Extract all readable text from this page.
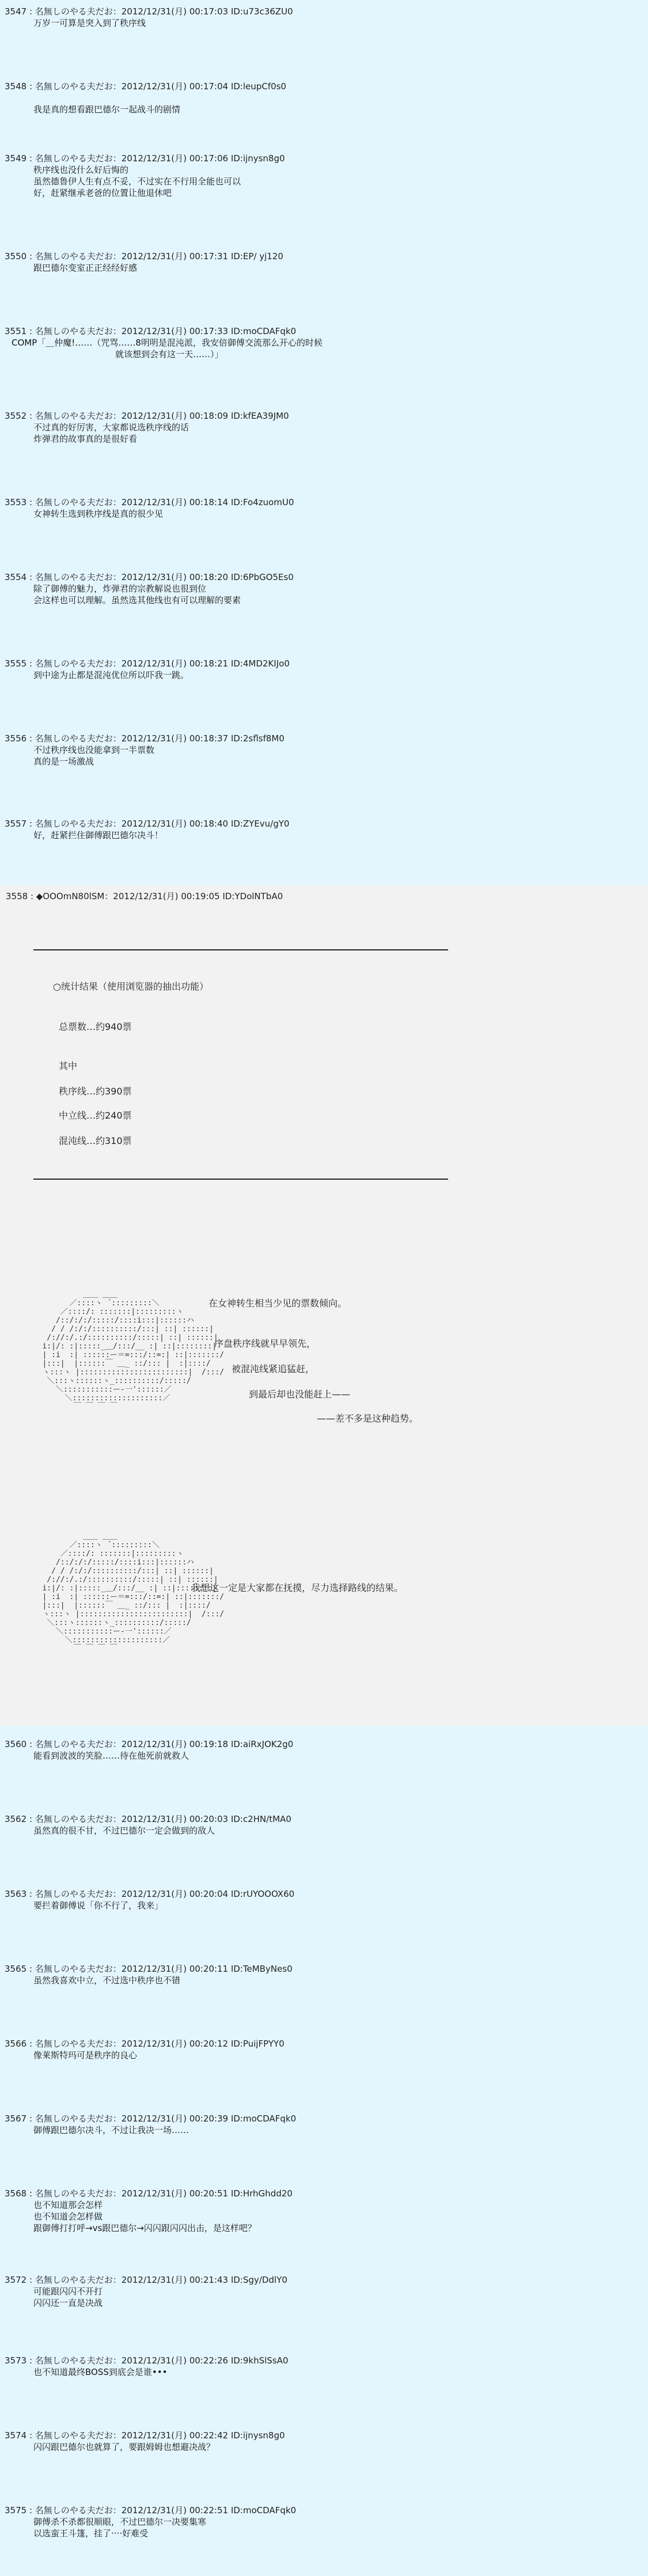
3547 : 名無しのやる夫だお：2012/12/31(月) 00:17:03 ID:u73c36ZU0
万岁一可算是突入到了秩序线
3548 : 名無しのやる夫だお：2012/12/31(月) 00:17:04 ID:leupCf0s0
我是真的想看跟巴德尔一起战斗的剧情
3549 : 名無しのやる夫だお：2012/12/31(月) 00:17:06 ID:ijnysn8g0
秩序线也没什么好后悔的
虽然德鲁伊人生有点不妥，不过实在不行用全能也可以
好，赶紧继承老爸的位置让他退休吧
3550 : 名無しのやる夫だお：2012/12/31(月) 00:17:31 ID:EP/ yj120
跟巴德尔变室正正经经好感
3551 : 名無しのやる夫だお：2012/12/31(月) 00:17:33 ID:moCDAFqk0
COMP「＿仲魔!……（咒骂……8明明是混沌派，我安倍御傅交流那么开心的时候
就该想到会有这一天……）」
3552 : 名無しのやる夫だお：2012/12/31(月) 00:18:09 ID:kfEA39JM0
不过真的好厉害，大家都说选秩序线的话
炸弹君的故事真的是很好看
3553 : 名無しのやる夫だお：2012/12/31(月) 00:18:14 ID:Fo4zuomU0
女神转生选到秩序线是真的很少见
3554 : 名無しのやる夫だお：2012/12/31(月) 00:18:20 ID:6PbGO5Es0
除了御傅的魅力，炸弹君的宗教解说也很到位
会这样也可以理解。虽然选其他线也有可以理解的要素
3555 : 名無しのやる夫だお：2012/12/31(月) 00:18:21 ID:4MD2KIJo0
到中途为止都是混沌优位所以吓我一跳。
3556 : 名無しのやる夫だお：2012/12/31(月) 00:18:37 ID:2sflsf8M0
不过秩序线也没能拿到一半票数
真的是一场激战
3557 : 名無しのやる夫だお：2012/12/31(月) 00:18:40 ID:ZYEvu/gY0
好，赶紧拦住御傅跟巴德尔决斗！
3558 : ◆OOOmN80lSM：2012/12/31(月) 00:19:05 ID:YDolNTbA0
○统计结果（使用浏览器的抽出功能）
总票数…约940票
其中
秩序线…约390票
中立线…约240票
混沌线…约310票
＿＿ ＿＿
／::::ヽ ´:::::::::＼
／::::/: :::::::|:::::::::ヽ
/::/:/:/:::::/::::i:::|::::::ハ
/ / /:/:/::::::::::/:::| ::| ::::::|
/://:/.:/::::::::::/:::::| ::| ::::::|
i:|/: :|:::::_＿/:::/__ :| ::|::::::::|
| :i  :| ::::::ー＝=:::/::=:| ::|:::::::/
|:::|  |::::::￣ ＿_ ::/::: |  :|::::/
ヽ:::ヽ |::::::::::::::::::::::::|  /:::/
＼:::ヽ::::::ヽ_::::::::::/:::::/
＼:::::::::::ー‐一'::::::／
＼::::::::::::::::::::／
￣ ￣ ￣ ￣
在女神转生相当少见的票数倾向。
序盘秩序线就早早领先，
被混沌线紧追猛赶，
到最后却也没能赶上——
——差不多是这种趋势。
＿＿ ＿＿
／::::ヽ ´:::::::::＼
／::::/: :::::::|:::::::::ヽ
/::/:/:/:::::/::::i:::|::::::ハ
/ / /:/:/::::::::::/:::| ::| ::::::|
/://:/.:/::::::::::/:::::| ::| ::::::|
i:|/: :|:::::_＿/:::/__ :| ::|::::::::|
| :i  :| ::::::ー＝=:::/::=:| ::|:::::::/
|:::|  |::::::￣ ＿_ ::/::: |  :|::::/
ヽ:::ヽ |::::::::::::::::::::::::|  /:::/
＼:::ヽ::::::ヽ_::::::::::/:::::/
＼:::::::::::ー‐一'::::::／
＼::::::::::::::::::::／
￣ ￣ ￣ ￣
我想这一定是大家都在抚摸，尽力选择路线的结果。
3560 : 名無しのやる夫だお：2012/12/31(月) 00:19:18 ID:aiRxJOK2g0
能看到波波的笑脸……待在他死前就救人
3562 : 名無しのやる夫だお：2012/12/31(月) 00:20:03 ID:c2HN/tMA0
虽然真的很不甘，不过巴德尔一定会做到的敌人
3563 : 名無しのやる夫だお：2012/12/31(月) 00:20:04 ID:rUYOOOX60
要拦着御傅说「你不行了，我来」
3565 : 名無しのやる夫だお：2012/12/31(月) 00:20:11 ID:TeMByNes0
虽然我喜欢中立，不过选中秩序也不错
3566 : 名無しのやる夫だお：2012/12/31(月) 00:20:12 ID:PuijFPYY0
像莱斯特玛可是秩序的良心
3567 : 名無しのやる夫だお：2012/12/31(月) 00:20:39 ID:moCDAFqk0
御傅跟巴德尔决斗，不过让我决一场……
3568 : 名無しのやる夫だお：2012/12/31(月) 00:20:51 ID:HrhGhdd20
也不知道那会怎样
也不知道会怎样做
跟御傅打打呼→vs跟巴德尔→闪闪跟闪闪出击，是这样吧？
3572 : 名無しのやる夫だお：2012/12/31(月) 00:21:43 ID:Sgy/DdlY0
可能跟闪闪不开打
闪闪还一直是决战
3573 : 名無しのやる夫だお：2012/12/31(月) 00:22:26 ID:9khSlSsA0
也不知道最终BOSS到底会是谁•••
3574 : 名無しのやる夫だお：2012/12/31(月) 00:22:42 ID:ijnysn8g0
闪闪跟巴德尔也就算了，要跟姆姆也想避决战？
3575 : 名無しのやる夫だお：2012/12/31(月) 00:22:51 ID:moCDAFqk0
御傅杀不杀都很顺眼，不过巴德尔一决要集寒
以选蛮王斗篷，挂了····好难受
